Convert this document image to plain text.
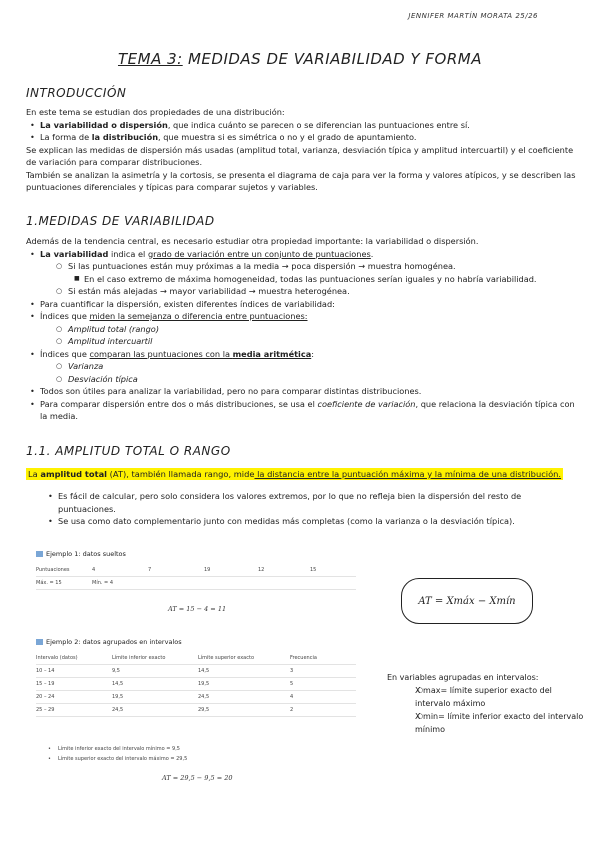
JENNIFER MARTÍN MORATA 25/26
TEMA 3: MEDIDAS DE VARIABILIDAD Y FORMA
INTRODUCCIÓN
En este tema se estudian dos propiedades de una distribución:
• La variabilidad o dispersión, que indica cuánto se parecen o se diferencian las puntuaciones entre sí.
• La forma de la distribución, que muestra si es simétrica o no y el grado de apuntamiento.
Se explican las medidas de dispersión más usadas (amplitud total, varianza, desviación típica y amplitud intercuartil) y el coeficiente de variación para comparar distribuciones.
También se analizan la asimetría y la cortosis, se presenta el diagrama de caja para ver la forma y valores atípicos, y se describen las puntuaciones diferenciales y típicas para comparar sujetos y variables.
1.MEDIDAS DE VARIABILIDAD
Además de la tendencia central, es necesario estudiar otra propiedad importante: la variabilidad o dispersión.
• La variabilidad indica el grado de variación entre un conjunto de puntuaciones.
○ Si las puntuaciones están muy próximas a la media → poca dispersión → muestra homogénea.
■ En el caso extremo de máxima homogeneidad, todas las puntuaciones serían iguales y no habría variabilidad.
○ Si están más alejadas → mayor variabilidad → muestra heterogénea.
• Para cuantificar la dispersión, existen diferentes índices de variabilidad:
• Índices que miden la semejanza o diferencia entre puntuaciones:
○ Amplitud total (rango)
○ Amplitud intercuartil
• Índices que comparan las puntuaciones con la media aritmética:
○ Varianza
○ Desviación típica
• Todos son útiles para analizar la variabilidad, pero no para comparar distintas distribuciones.
• Para comparar dispersión entre dos o más distribuciones, se usa el coeficiente de variación, que relaciona la desviación típica con la media.
1.1. AMPLITUD TOTAL O RANGO
La amplitud total (AT), también llamada rango, mide la distancia entre la puntuación máxima y la mínima de una distribución.
• Es fácil de calcular, pero solo considera los valores extremos, por lo que no refleja bien la dispersión del resto de puntuaciones.
• Se usa como dato complementario junto con medidas más completas (como la varianza o la desviación típica).
Ejemplo 1: datos sueltos
Puntuaciones	4	7	19	12	15
Máx. = 15	Mín. = 4
AT = 15 − 4 = 11
AT = Xmáx − Xmín
Ejemplo 2: datos agrupados en intervalos
Intervalo (datos)	Límite inferior exacto	Límite superior exacto	Frecuencia
10 – 14	9,5	14,5	3
15 – 19	14,5	19,5	5
20 – 24	19,5	24,5	4
25 – 29	24,5	29,5	2
• Límite inferior exacto del intervalo mínimo = 9,5
• Límite superior exacto del intervalo máximo = 29,5
AT = 29,5 − 9,5 = 20
En variables agrupadas en intervalos:
○ X max= límite superior exacto del intervalo máximo
○ X min= límite inferior exacto del intervalo mínimo
